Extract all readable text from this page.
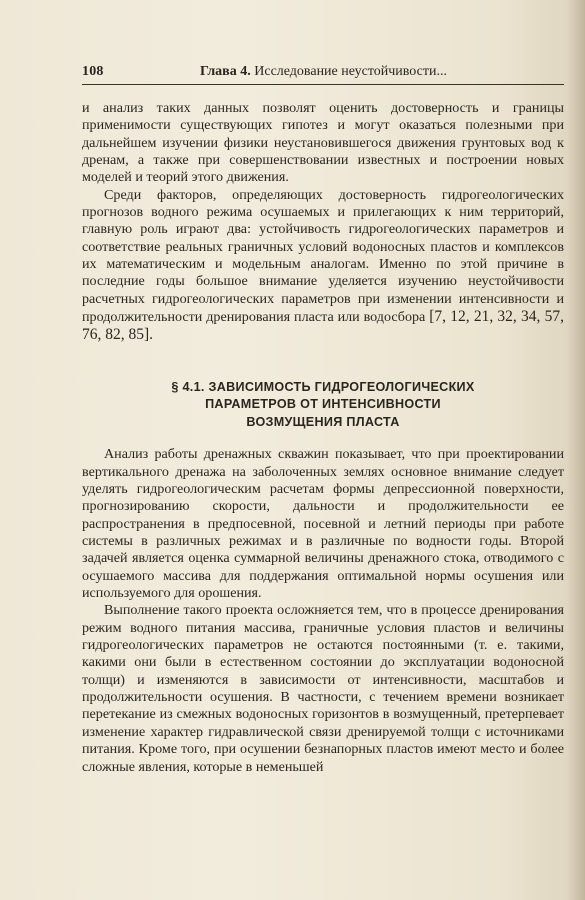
108	Глава 4. Исследование неустойчивости...

и анализ таких данных позволят оценить достоверность и границы применимости существующих гипотез и могут оказаться полезными при дальнейшем изучении физики неустановившегося движения грунтовых вод к дренам, а также при совершенствовании известных и построении новых моделей и теорий этого движения.

Среди факторов, определяющих достоверность гидрогеологических прогнозов водного режима осушаемых и прилегающих к ним территорий, главную роль играют два: устойчивость гидрогеологических параметров и соответствие реальных граничных условий водоносных пластов и комплексов их математическим и модельным аналогам. Именно по этой причине в последние годы большое внимание уделяется изучению неустойчивости расчетных гидрогеологических параметров при изменении интенсивности и продолжительности дренирования пласта или водосбора [7, 12, 21, 32, 34, 57, 76, 82, 85].

§ 4.1. ЗАВИСИМОСТЬ ГИДРОГЕОЛОГИЧЕСКИХ
ПАРАМЕТРОВ ОТ ИНТЕНСИВНОСТИ
ВОЗМУЩЕНИЯ ПЛАСТА

Анализ работы дренажных скважин показывает, что при проектировании вертикального дренажа на заболоченных землях основное внимание следует уделять гидрогеологическим расчетам формы депрессионной поверхности, прогнозированию скорости, дальности и продолжительности ее распространения в предпосевной, посевной и летний периоды при работе системы в различных режимах и в различные по водности годы. Второй задачей является оценка суммарной величины дренажного стока, отводимого с осушаемого массива для поддержания оптимальной нормы осушения или используемого для орошения.

Выполнение такого проекта осложняется тем, что в процессе дренирования режим водного питания массива, граничные условия пластов и величины гидрогеологических параметров не остаются постоянными (т. е. такими, какими они были в естественном состоянии до эксплуатации водоносной толщи) и изменяются в зависимости от интенсивности, масштабов и продолжительности осушения. В частности, с течением времени возникает перетекание из смежных водоносных горизонтов в возмущенный, претерпевает изменение характер гидравлической связи дренируемой толщи с источниками питания. Кроме того, при осушении безнапорных пластов имеют место и более сложные явления, которые в неменьшей
